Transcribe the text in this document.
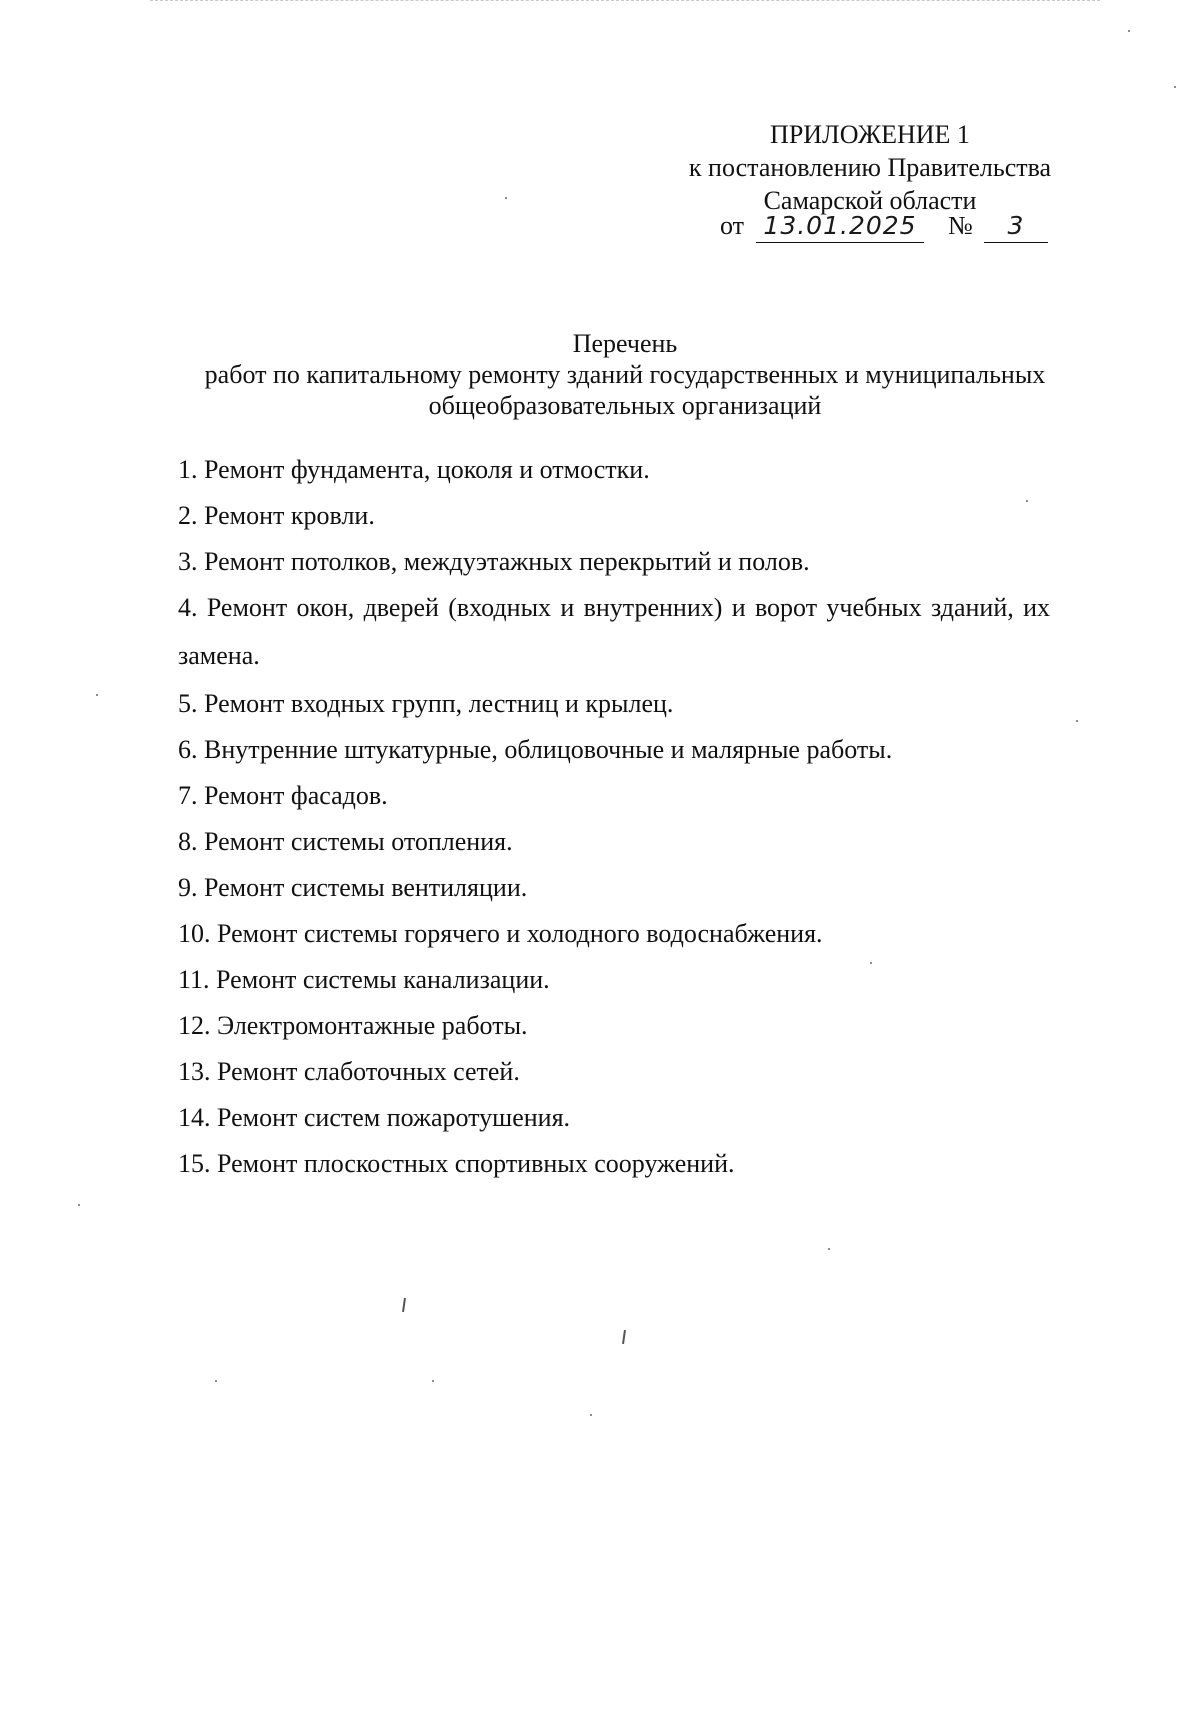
ПРИЛОЖЕНИЕ 1
к постановлению Правительства
Самарской области
от 13.01.2025 №	3
Перечень
работ по капитальному ремонту зданий государственных и муниципальных
общеобразовательных организаций
1. Ремонт фундамента, цоколя и отмостки.
2. Ремонт кровли.
3. Ремонт потолков, междуэтажных перекрытий и полов.
4. Ремонт окон, дверей (входных и внутренних) и ворот учебных зданий, их замена.
5. Ремонт входных групп, лестниц и крылец.
6. Внутренние штукатурные, облицовочные и малярные работы.
7. Ремонт фасадов.
8. Ремонт системы отопления.
9. Ремонт системы вентиляции.
10. Ремонт системы горячего и холодного водоснабжения.
11. Ремонт системы канализации.
12. Электромонтажные работы.
13. Ремонт слаботочных сетей.
14. Ремонт систем пожаротушения.
15. Ремонт плоскостных спортивных сооружений.
